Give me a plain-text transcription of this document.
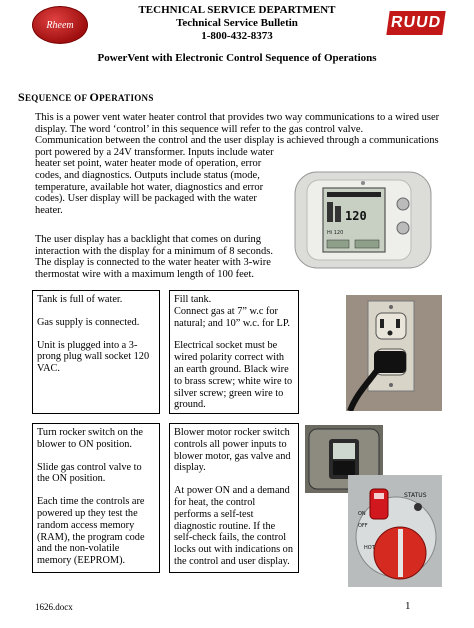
Rheem
TECHNICAL SERVICE DEPARTMENT
Technical Service Bulletin
1-800-432-8373
RUUD
PowerVent with Electronic Control Sequence of Operations
SEQUENCE OF OPERATIONS
This is a power vent water heater control that provides two way communications to a wired user
display. The word ‘control’ in this sequence will refer to the gas control valve.
Communication between the control and the user display is achieved through a communications
port powered by a 24V transformer. Inputs include water
heater set point, water heater mode of operation, error
codes, and diagnostics. Outputs include status (mode,
temperature, available hot water, diagnostics and error
codes). User display will be packaged with the water
heater.
The user display has a backlight that comes on during
interaction with the display for a minimum of 8 seconds.
The display is connected to the water heater with 3-wire
thermostat wire with a maximum length of 100 feet.
120
Hi 120

Tank is full of water.

Gas supply is connected.

Unit is plugged into a 3-prong plug wall socket 120 VAC.

Fill tank.
Connect gas at 7” w.c for natural; and 10” w.c. for LP.

Electrical socket must be wired polarity correct with an earth ground. Black wire to brass screw; white wire to silver screw; green wire to ground.

Turn rocker switch on the blower to ON position.

Slide gas control valve to the ON position.

Each time the controls are powered up they test the random access memory (RAM), the program code and the non-volatile memory (EEPROM).

Blower motor rocker switch controls all power inputs to blower motor, gas valve and display.

At power ON and a demand for heat, the control performs a self-test diagnostic routine. If the self-check fails, the control locks out with indications on the control and user display.

STATUS
ON
OFF
HOT
1626.docx	1
